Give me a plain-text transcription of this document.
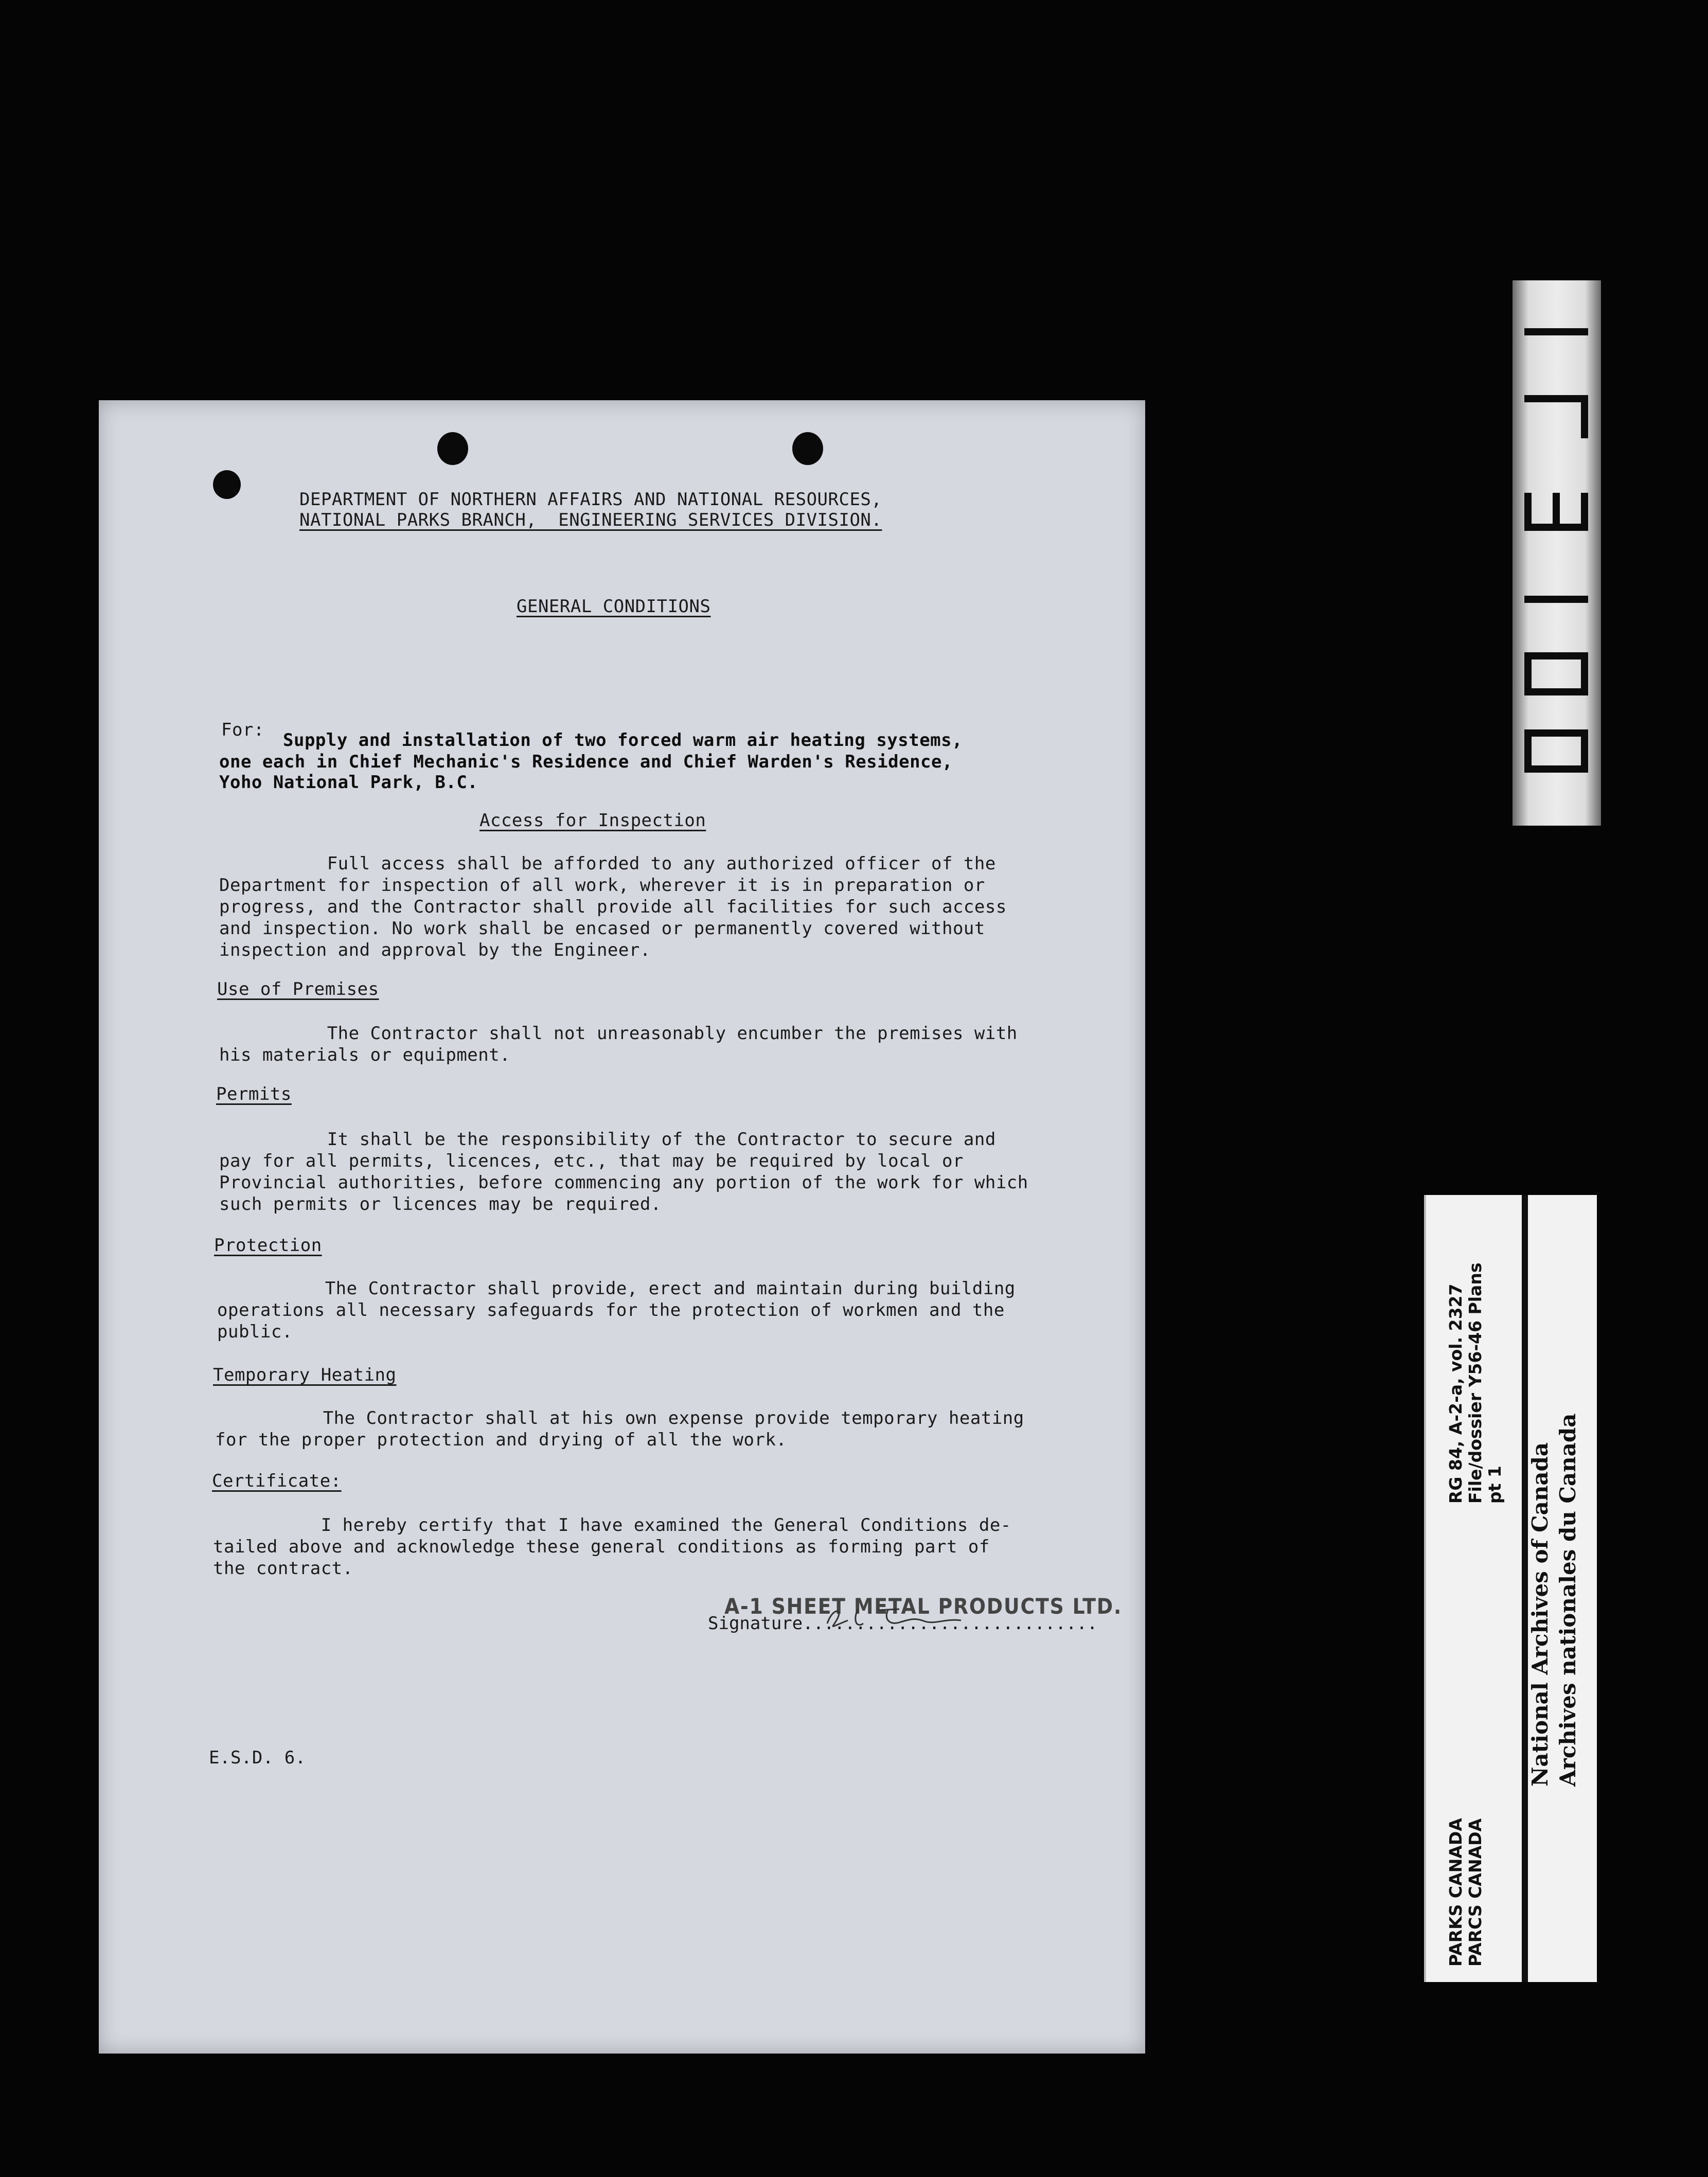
DEPARTMENT OF NORTHERN AFFAIRS AND NATIONAL RESOURCES,
NATIONAL PARKS BRANCH,  ENGINEERING SERVICES DIVISION.
GENERAL CONDITIONS
For: Supply and installation of two forced warm air heating systems,
one each in Chief Mechanic's Residence and Chief Warden's Residence,
Yoho National Park, B.C.
Access for Inspection
Full access shall be afforded to any authorized officer of the
Department for inspection of all work, wherever it is in preparation or
progress, and the Contractor shall provide all facilities for such access
and inspection. No work shall be encased or permanently covered without
inspection and approval by the Engineer.
Use of Premises
The Contractor shall not unreasonably encumber the premises with
his materials or equipment.
Permits
It shall be the responsibility of the Contractor to secure and
pay for all permits, licences, etc., that may be required by local or
Provincial authorities, before commencing any portion of the work for which
such permits or licences may be required.
Protection
The Contractor shall provide, erect and maintain during building
operations all necessary safeguards for the protection of workmen and the
public.
Temporary Heating
The Contractor shall at his own expense provide temporary heating
for the proper protection and drying of all the work.
Certificate:
I hereby certify that I have examined the General Conditions de-
tailed above and acknowledge these general conditions as forming part of
the contract.
A-1 SHEET METAL PRODUCTS LTD.
Signature............................
E.S.D. 6.
RG 84, A-2-a, vol. 2327 File/dossier Y56-46 Plans pt 1 National Archives of Canada Archives nationales du Canada
PARKS CANADA PARCS CANADA
